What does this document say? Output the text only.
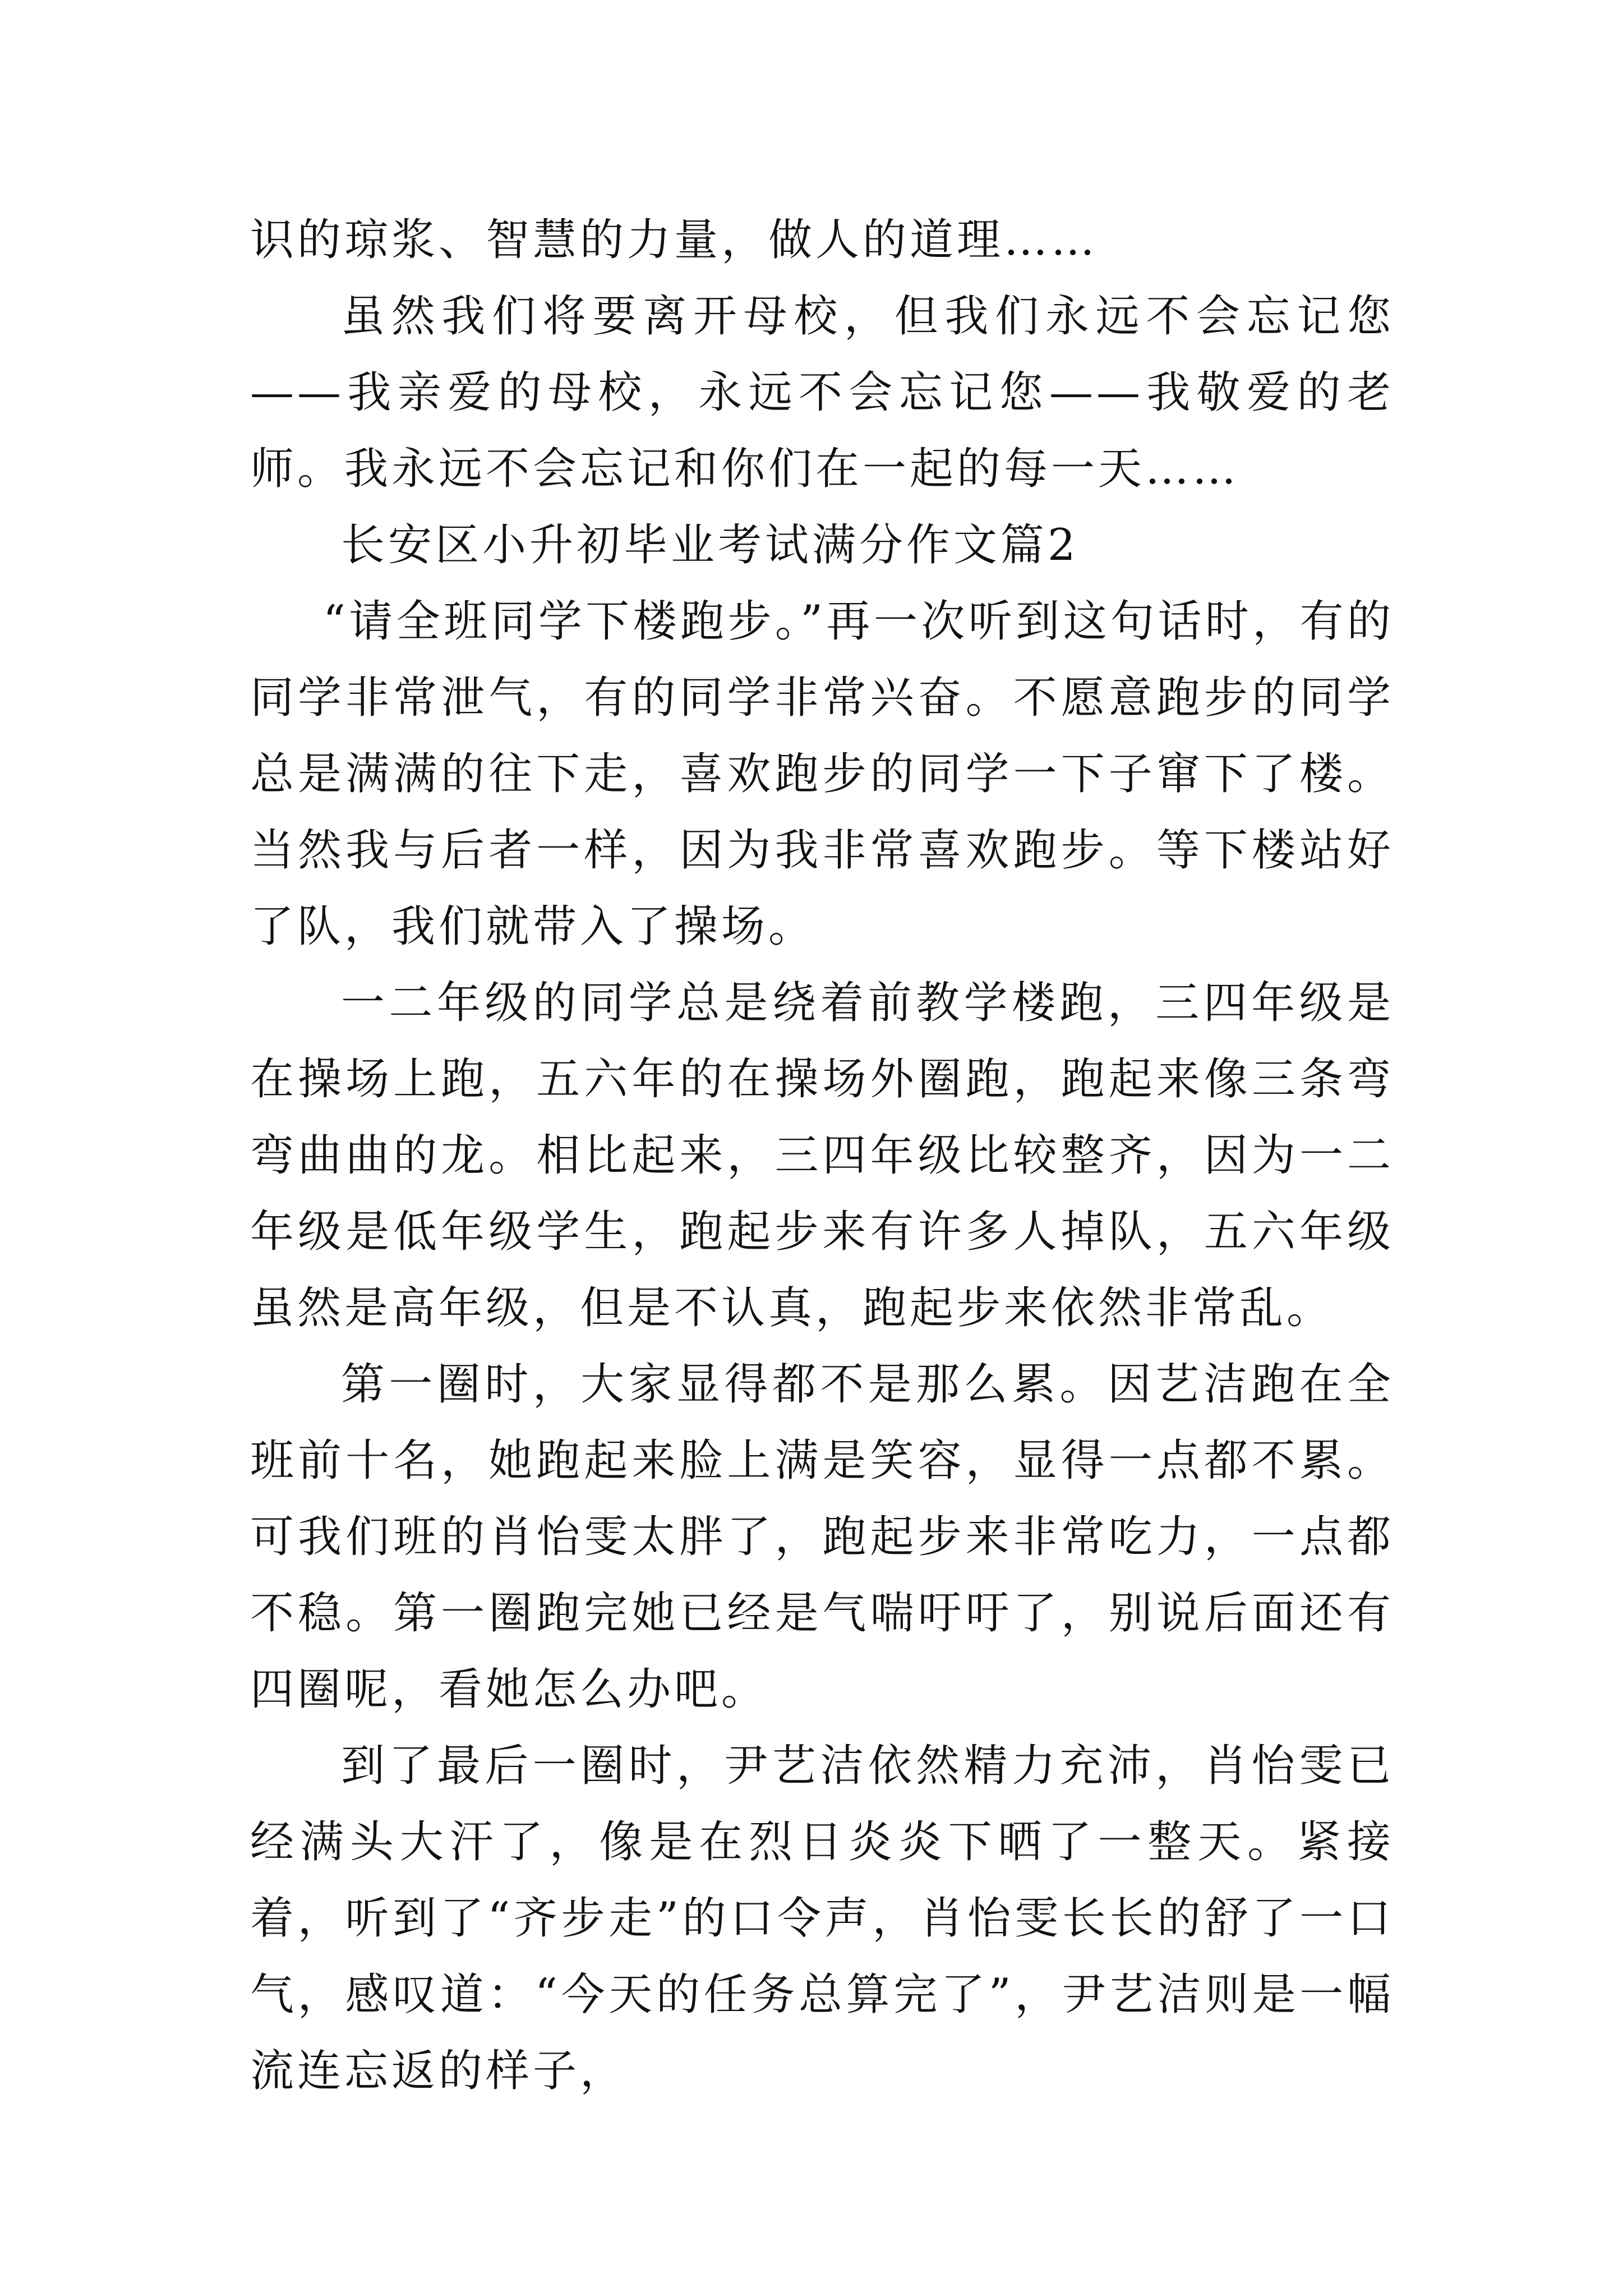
识的琼浆、智慧的力量，做人的道理……

虽然我们将要离开母校，但我们永远不会忘记您——我亲爱的母校，永远不会忘记您——我敬爱的老师。我永远不会忘记和你们在一起的每一天……

长安区小升初毕业考试满分作文篇2

“请全班同学下楼跑步。”再一次听到这句话时，有的同学非常泄气，有的同学非常兴奋。不愿意跑步的同学总是满满的往下走，喜欢跑步的同学一下子窜下了楼。当然我与后者一样，因为我非常喜欢跑步。等下楼站好了队，我们就带入了操场。

一二年级的同学总是绕着前教学楼跑，三四年级是在操场上跑，五六年的在操场外圈跑，跑起来像三条弯弯曲曲的龙。相比起来，三四年级比较整齐，因为一二年级是低年级学生，跑起步来有许多人掉队，五六年级虽然是高年级，但是不认真，跑起步来依然非常乱。

第一圈时，大家显得都不是那么累。因艺洁跑在全班前十名，她跑起来脸上满是笑容，显得一点都不累。可我们班的肖怡雯太胖了，跑起步来非常吃力，一点都不稳。第一圈跑完她已经是气喘吁吁了，别说后面还有四圈呢，看她怎么办吧。

到了最后一圈时，尹艺洁依然精力充沛，肖怡雯已经满头大汗了，像是在烈日炎炎下晒了一整天。紧接着，听到了“齐步走”的口令声，肖怡雯长长的舒了一口气，感叹道：“今天的任务总算完了”，尹艺洁则是一幅流连忘返的样子，
